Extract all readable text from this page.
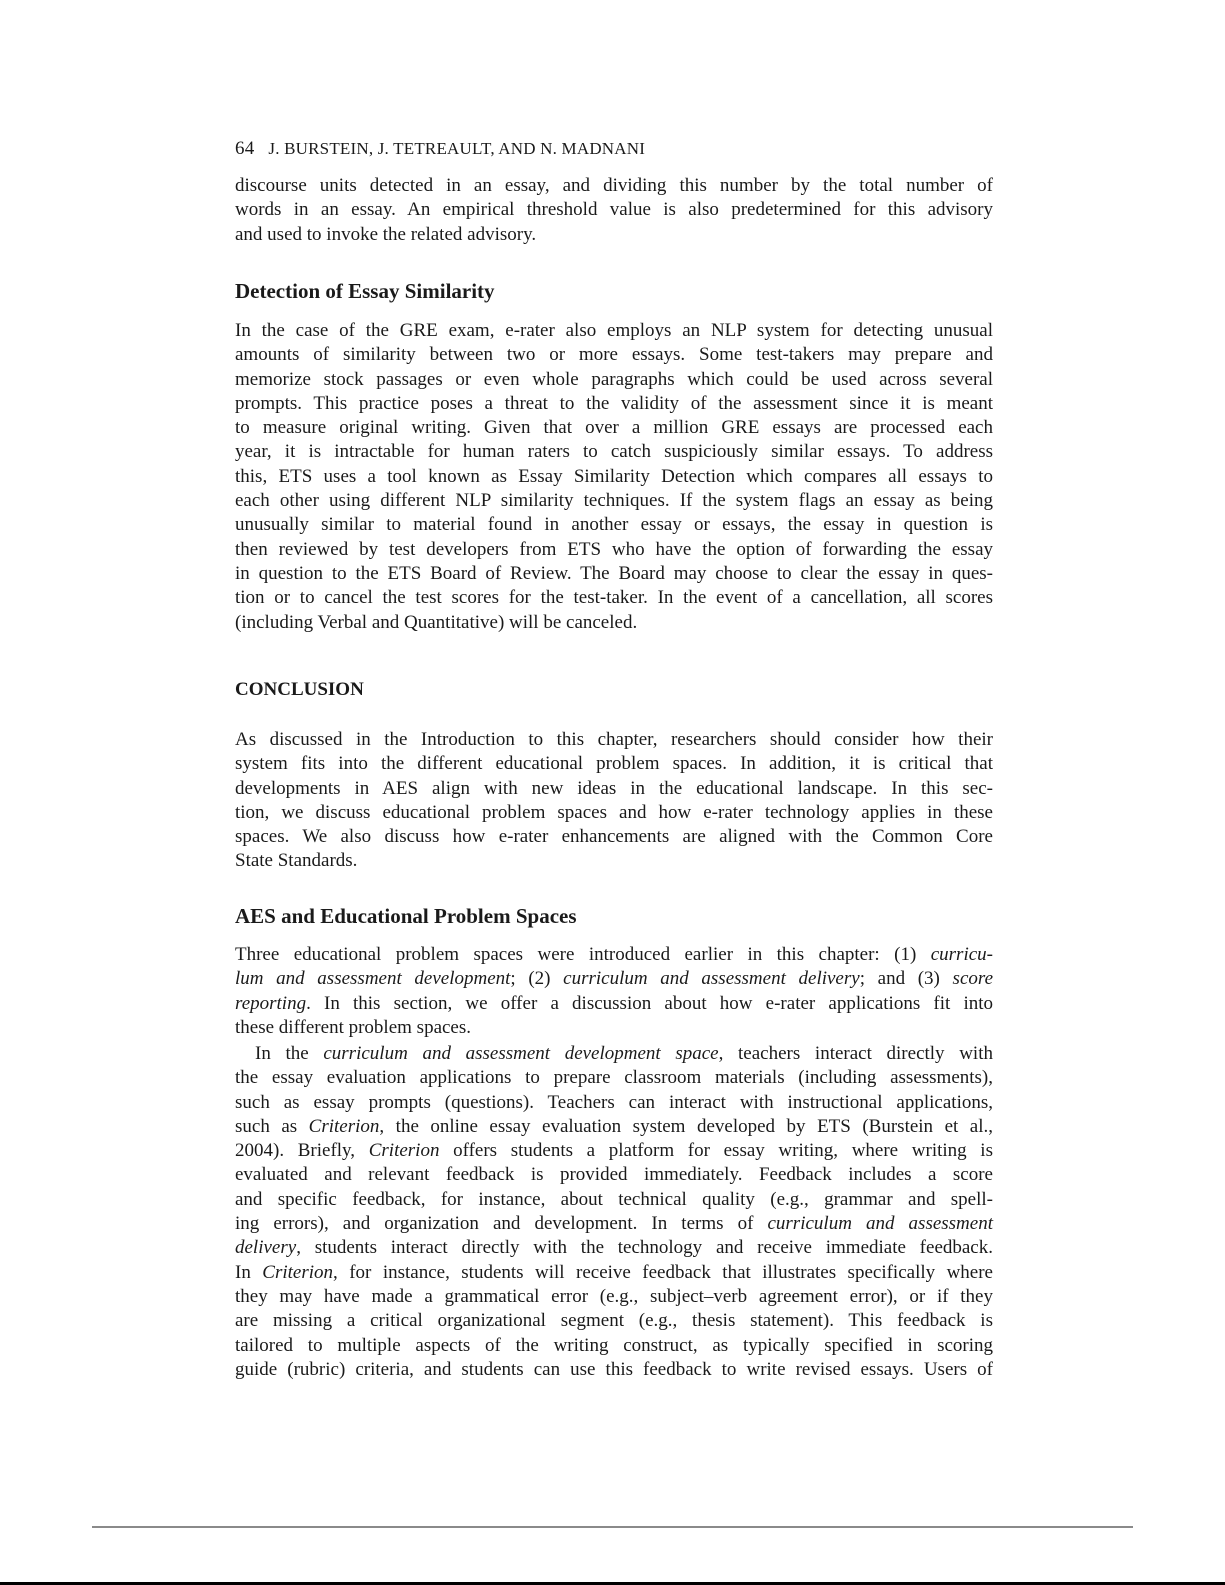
64 J. BURSTEIN, J. TETREAULT, AND N. MADNANI
discourse units detected in an essay, and dividing this number by the total number of
words in an essay. An empirical threshold value is also predetermined for this advisory
and used to invoke the related advisory.
Detection of Essay Similarity
In the case of the GRE exam, e-rater also employs an NLP system for detecting unusual
amounts of similarity between two or more essays. Some test-takers may prepare and
memorize stock passages or even whole paragraphs which could be used across several
prompts. This practice poses a threat to the validity of the assessment since it is meant
to measure original writing. Given that over a million GRE essays are processed each
year, it is intractable for human raters to catch suspiciously similar essays. To address
this, ETS uses a tool known as Essay Similarity Detection which compares all essays to
each other using different NLP similarity techniques. If the system flags an essay as being
unusually similar to material found in another essay or essays, the essay in question is
then reviewed by test developers from ETS who have the option of forwarding the essay
in question to the ETS Board of Review. The Board may choose to clear the essay in ques-
tion or to cancel the test scores for the test-taker. In the event of a cancellation, all scores
(including Verbal and Quantitative) will be canceled.
CONCLUSION
As discussed in the Introduction to this chapter, researchers should consider how their
system fits into the different educational problem spaces. In addition, it is critical that
developments in AES align with new ideas in the educational landscape. In this sec-
tion, we discuss educational problem spaces and how e-rater technology applies in these
spaces. We also discuss how e-rater enhancements are aligned with the Common Core
State Standards.
AES and Educational Problem Spaces
Three educational problem spaces were introduced earlier in this chapter: (1) curricu-
lum and assessment development; (2) curriculum and assessment delivery; and (3) score
reporting. In this section, we offer a discussion about how e-rater applications fit into
these different problem spaces.
In the curriculum and assessment development space, teachers interact directly with
the essay evaluation applications to prepare classroom materials (including assessments),
such as essay prompts (questions). Teachers can interact with instructional applications,
such as Criterion, the online essay evaluation system developed by ETS (Burstein et al.,
2004). Briefly, Criterion offers students a platform for essay writing, where writing is
evaluated and relevant feedback is provided immediately. Feedback includes a score
and specific feedback, for instance, about technical quality (e.g., grammar and spell-
ing errors), and organization and development. In terms of curriculum and assessment
delivery, students interact directly with the technology and receive immediate feedback.
In Criterion, for instance, students will receive feedback that illustrates specifically where
they may have made a grammatical error (e.g., subject–verb agreement error), or if they
are missing a critical organizational segment (e.g., thesis statement). This feedback is
tailored to multiple aspects of the writing construct, as typically specified in scoring
guide (rubric) criteria, and students can use this feedback to write revised essays. Users of
